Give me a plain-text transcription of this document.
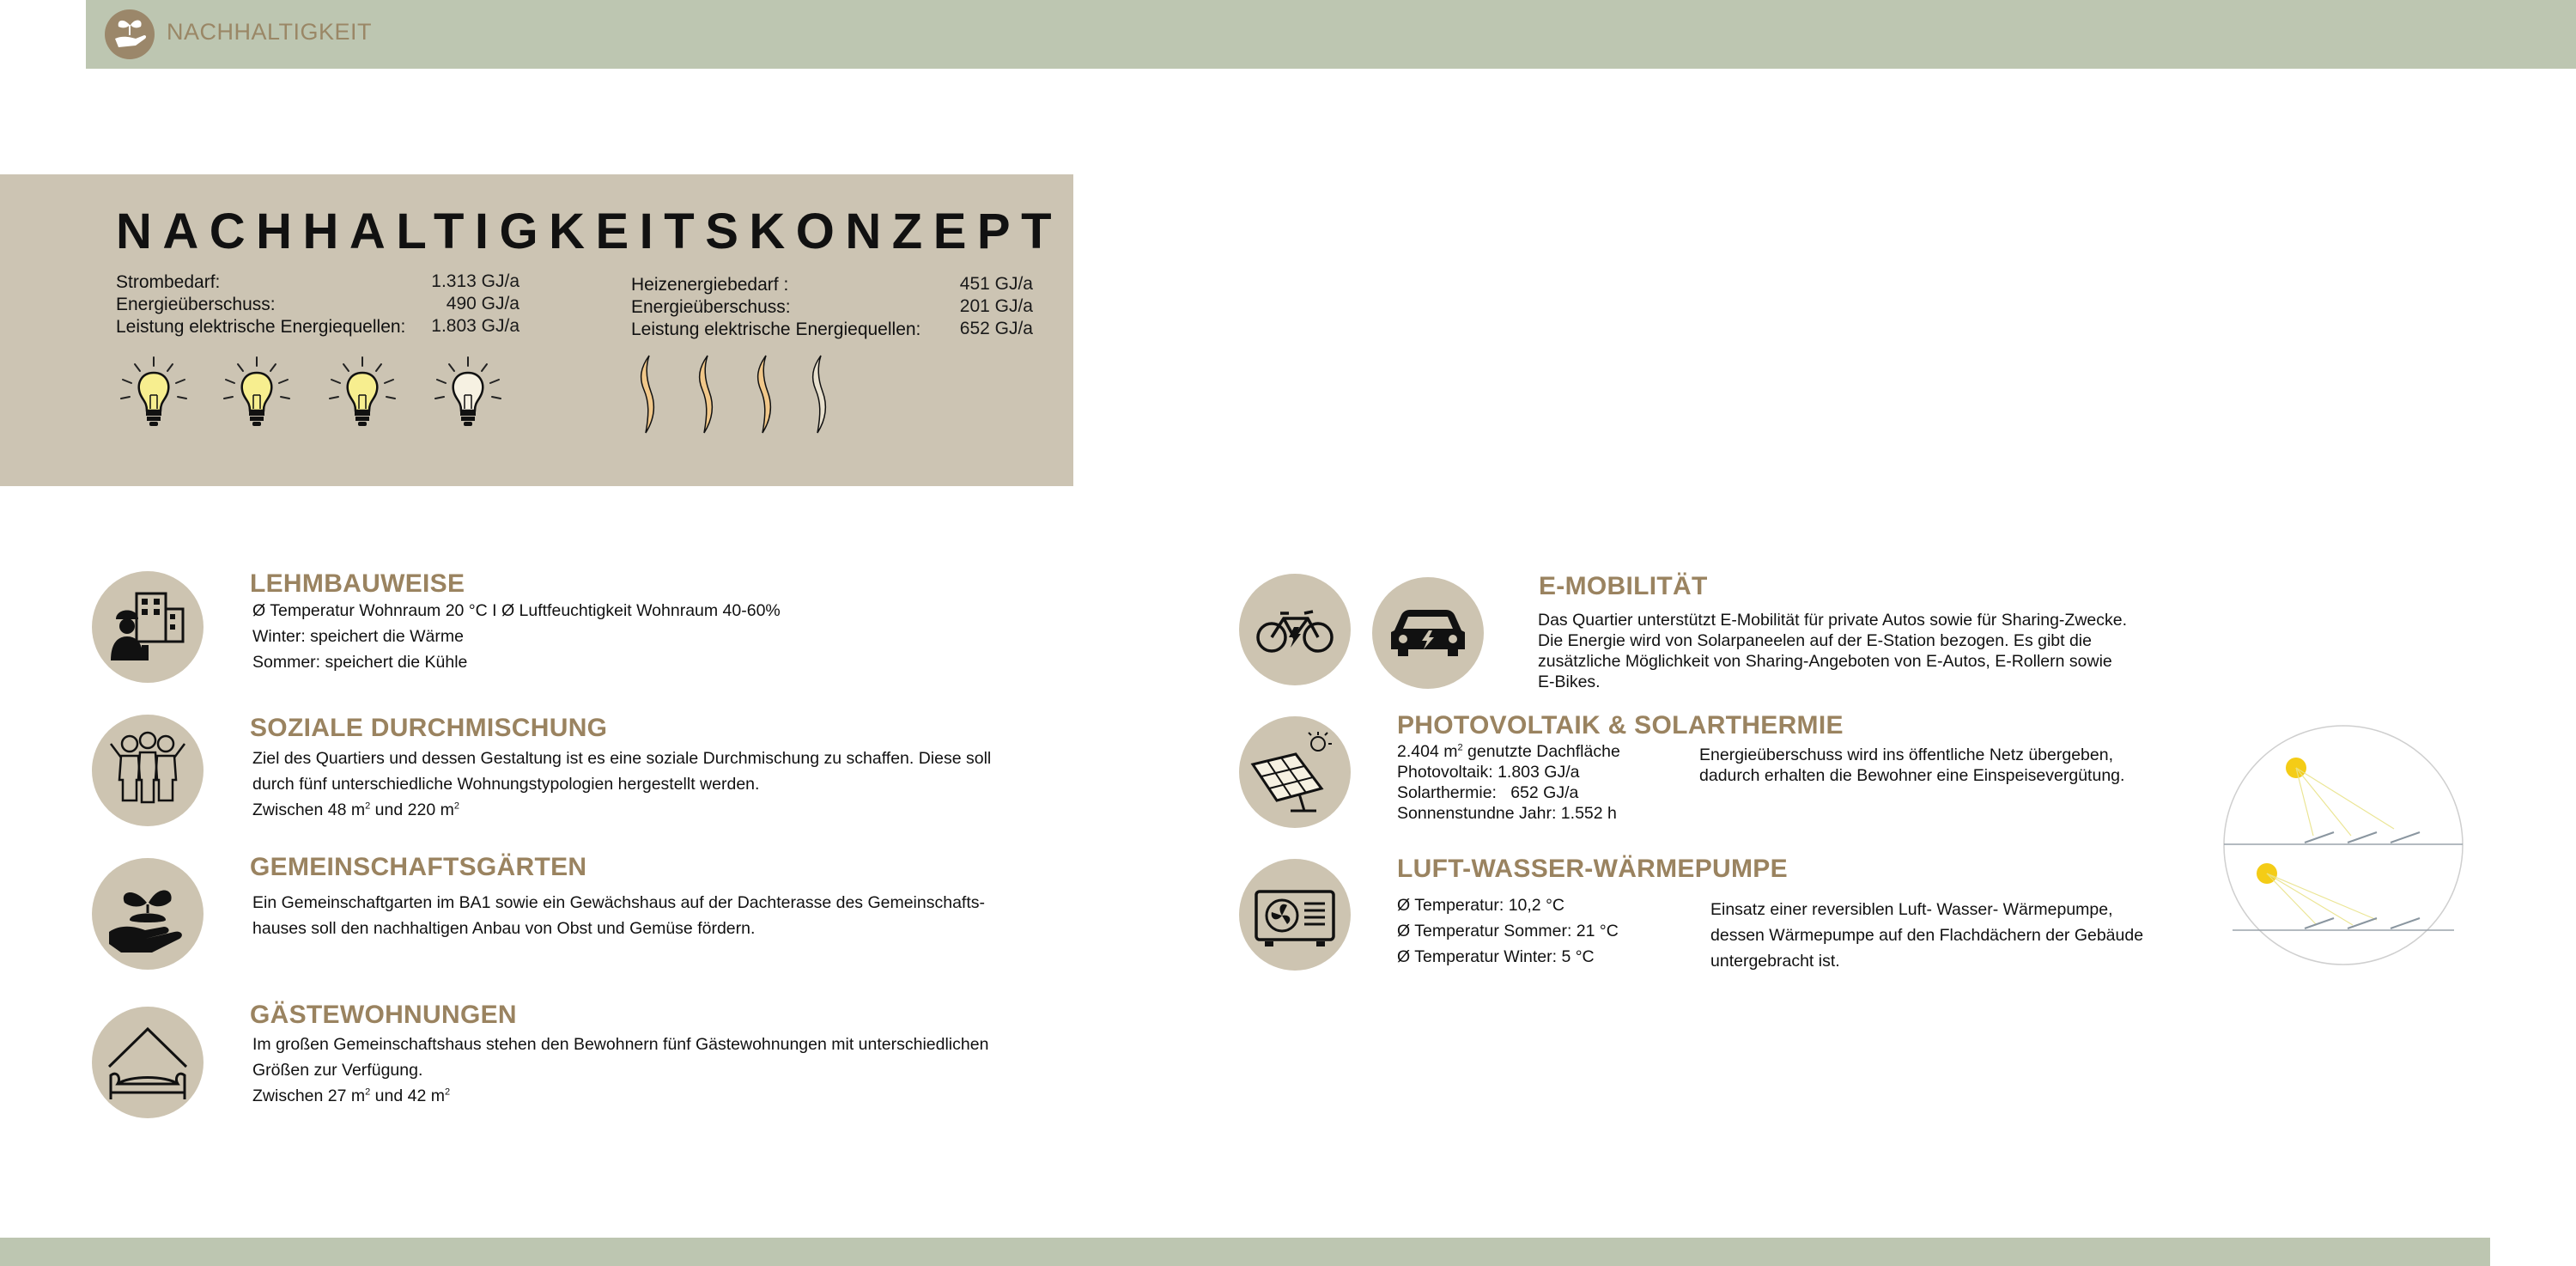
NACHHALTIGKEIT
NACHHALTIGKEITSKONZEPT
Strombedarf:	1.313 GJ/a
Energieüberschuss:	490 GJ/a
Leistung elektrische Energiequellen:	1.803 GJ/a
Heizenergiebedarf :	451 GJ/a
Energieüberschuss:	201 GJ/a
Leistung elektrische Energiequellen:	652 GJ/a
LEHMBAUWEISE
Ø Temperatur Wohnraum 20 °C I Ø Luftfeuchtigkeit Wohnraum 40-60%
Winter: speichert die Wärme
Sommer: speichert die Kühle
SOZIALE DURCHMISCHUNG
Ziel des Quartiers und dessen Gestaltung ist es eine soziale Durchmischung zu schaffen. Diese soll
durch fünf unterschiedliche Wohnungstypologien hergestellt werden.
Zwischen 48 $m^2$ und 220 $m^2$
GEMEINSCHAFTSGÄRTEN
Ein Gemeinschaftgarten im BA1 sowie ein Gewächshaus auf der Dachterasse des Gemeinschafts-
hauses soll den nachhaltigen Anbau von Obst und Gemüse fördern.
GÄSTEWOHNUNGEN
Im großen Gemeinschaftshaus stehen den Bewohnern fünf Gästewohnungen mit unterschiedlichen
Größen zur Verfügung.
Zwischen 27 $m^2$ und 42 $m^2$
E-MOBILITÄT
Das Quartier unterstützt E-Mobilität für private Autos sowie für Sharing-Zwecke.
Die Energie wird von Solarpaneelen auf der E-Station bezogen. Es gibt die
zusätzliche Möglichkeit von Sharing-Angeboten von E-Autos, E-Rollern sowie
E-Bikes.
PHOTOVOLTAIK & SOLARTHERMIE
2.404 $m^2$ genutzte Dachfläche
Photovoltaik: 1.803 GJ/a
Solarthermie:   652 GJ/a
Sonnenstundne Jahr: 1.552 h
Energieüberschuss wird ins öffentliche Netz übergeben,
dadurch erhalten die Bewohner eine Einspeisevergütung.
LUFT-WASSER-WÄRMEPUMPE
Ø Temperatur: 10,2 °C
Ø Temperatur Sommer: 21 °C
Ø Temperatur Winter: 5 °C
Einsatz einer reversiblen Luft- Wasser- Wärmepumpe,
dessen Wärmepumpe auf den Flachdächern der Gebäude
untergebracht ist.
